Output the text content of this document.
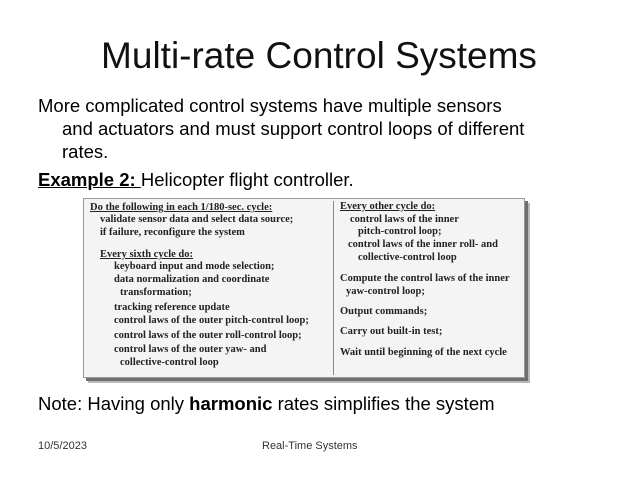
Multi-rate Control Systems
More complicated control systems have multiple sensors
and actuators and must support control loops of different
rates.
Example 2: Helicopter flight controller.
Do the following in each 1/180-sec. cycle:
validate sensor data and select data source;
if failure, reconfigure the system
Every sixth cycle do:
keyboard input and mode selection;
data normalization and coordinate
transformation;
tracking reference update
control laws of the outer pitch-control loop;
control laws of the outer roll-control loop;
control laws of the outer yaw- and
collective-control loop
Every other cycle do:
control laws of the inner
pitch-control loop;
control laws of the inner roll- and
collective-control loop
Compute the control laws of the inner
yaw-control loop;
Output commands;
Carry out built-in test;
Wait until beginning of the next cycle
Note: Having only harmonic rates simplifies the system
10/5/2023	Real-Time Systems
